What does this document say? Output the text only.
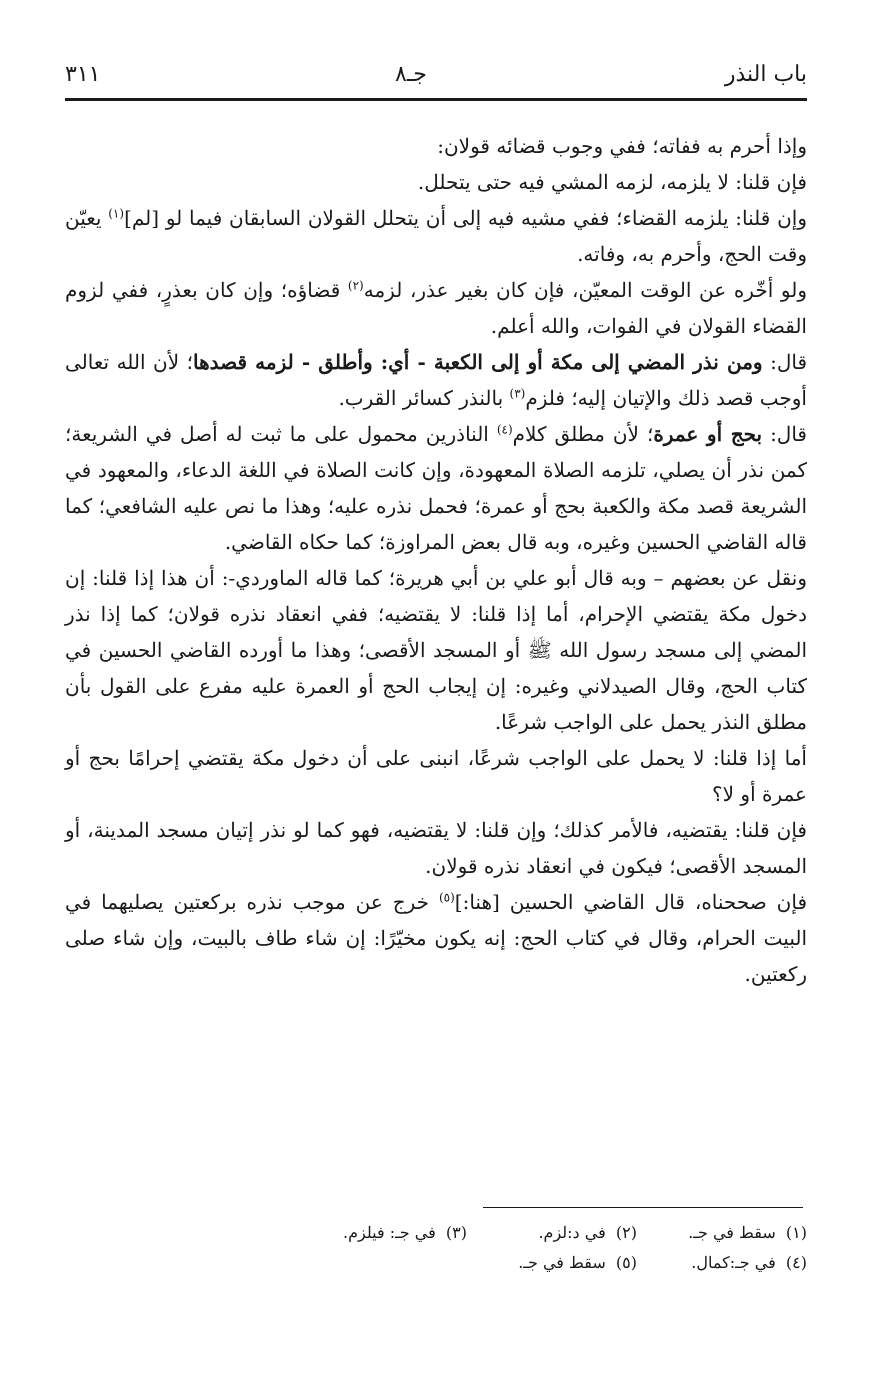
باب النذر
جـ٨
٣١١

وإذا أحرم به ففاته؛ ففي وجوب قضائه قولان:

فإن قلنا: لا يلزمه، لزمه المشي فيه حتى يتحلل.

وإن قلنا: يلزمه القضاء؛ ففي مشيه فيه إلى أن يتحلل القولان السابقان فيما لو [لم]$^{(١)}$ يعيّن وقت الحج، وأحرم به، وفاته.

ولو أخّره عن الوقت المعيّن، فإن كان بغير عذر، لزمه$^{(٢)}$ قضاؤه؛ وإن كان بعذرٍ، ففي لزوم القضاء القولان في الفوات، والله أعلم.

قال: ومن نذر المضي إلى مكة أو إلى الكعبة - أي: وأطلق - لزمه قصدها؛ لأن الله تعالى أوجب قصد ذلك والإتيان إليه؛ فلزم$^{(٣)}$ بالنذر كسائر القرب.

قال: بحج أو عمرة؛ لأن مطلق كلام$^{(٤)}$ الناذرين محمول على ما ثبت له أصل في الشريعة؛ كمن نذر أن يصلي، تلزمه الصلاة المعهودة، وإن كانت الصلاة في اللغة الدعاء، والمعهود في الشريعة قصد مكة والكعبة بحج أو عمرة؛ فحمل نذره عليه؛ وهذا ما نص عليه الشافعي؛ كما قاله القاضي الحسين وغيره، وبه قال بعض المراوزة؛ كما حكاه القاضي.

ونقل عن بعضهم – وبه قال أبو علي بن أبي هريرة؛ كما قاله الماوردي-: أن هذا إذا قلنا: إن دخول مكة يقتضي الإحرام، أما إذا قلنا: لا يقتضيه؛ ففي انعقاد نذره قولان؛ كما إذا نذر المضي إلى مسجد رسول الله ﷺ أو المسجد الأقصى؛ وهذا ما أورده القاضي الحسين في كتاب الحج، وقال الصيدلاني وغيره: إن إيجاب الحج أو العمرة عليه مفرع على القول بأن مطلق النذر يحمل على الواجب شرعًا.

أما إذا قلنا: لا يحمل على الواجب شرعًا، انبنى على أن دخول مكة يقتضي إحرامًا بحج أو عمرة أو لا؟

فإن قلنا: يقتضيه، فالأمر كذلك؛ وإن قلنا: لا يقتضيه، فهو كما لو نذر إتيان مسجد المدينة، أو المسجد الأقصى؛ فيكون في انعقاد نذره قولان.

فإن صححناه، قال القاضي الحسين [هنا:]$^{(٥)}$ خرج عن موجب نذره بركعتين يصليهما في البيت الحرام، وقال في كتاب الحج: إنه يكون مخيّرًا: إن شاء طاف بالبيت، وإن شاء صلى ركعتين.

(١)  سقط في جـ.
(٢)  في د:لزم.
(٣)  في جـ: فيلزم.
(٤)  في جـ:كمال.
(٥)  سقط في جـ.
